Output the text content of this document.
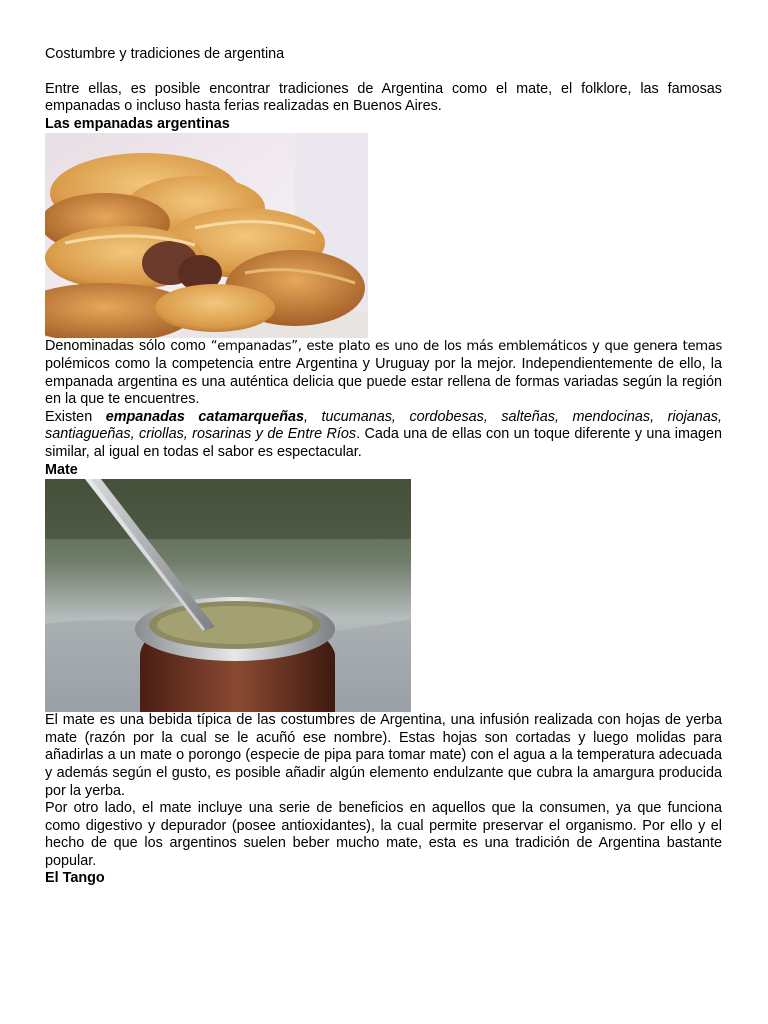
Costumbre y tradiciones de argentina

Entre ellas, es posible encontrar tradiciones de Argentina como el mate, el folklore, las famosas empanadas o incluso hasta ferias realizadas en Buenos Aires.

Las empanadas argentinas

Denominadas sólo como “empanadas”, este plato es uno de los más emblemáticos y que genera temas polémicos como la competencia entre Argentina y Uruguay por la mejor. Independientemente de ello, la empanada argentina es una auténtica delicia que puede estar rellena de formas variadas según la región en la que te encuentres.

Existen empanadas catamarqueñas, tucumanas, cordobesas, salteñas, mendocinas, riojanas, santiagueñas, criollas, rosarinas y de Entre Ríos. Cada una de ellas con un toque diferente y una imagen similar, al igual en todas el sabor es espectacular.

Mate

El mate es una bebida típica de las costumbres de Argentina, una infusión realizada con hojas de yerba mate (razón por la cual se le acuñó ese nombre). Estas hojas son cortadas y luego molidas para añadirlas a un mate o porongo (especie de pipa para tomar mate) con el agua a la temperatura adecuada y además según el gusto, es posible añadir algún elemento endulzante que cubra la amargura producida por la yerba.

Por otro lado, el mate incluye una serie de beneficios en aquellos que la consumen, ya que funciona como digestivo y depurador (posee antioxidantes), la cual permite preservar el organismo. Por ello y el hecho de que los argentinos suelen beber mucho mate, esta es una tradición de Argentina bastante popular.

El Tango
